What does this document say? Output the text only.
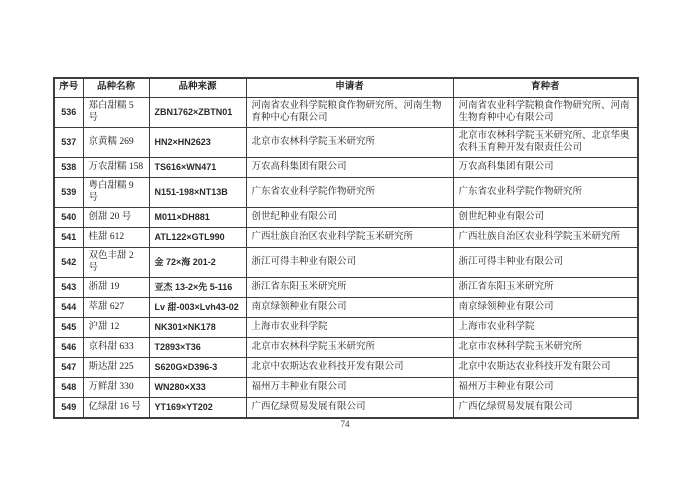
序号	品种名称	品种来源	申请者	育种者
536	郑白甜糯 5 号	ZBN1762×ZBTN01	河南省农业科学院粮食作物研究所、河南生物育种中心有限公司	河南省农业科学院粮食作物研究所、河南生物育种中心有限公司
537	京黄糯 269	HN2×HN2623	北京市农林科学院玉米研究所	北京市农林科学院玉米研究所、北京华奥农科玉育种开发有限责任公司
538	万农甜糯 158	TS616×WN471	万农高科集团有限公司	万农高科集团有限公司
539	粤白甜糯 9 号	N151-198×NT13B	广东省农业科学院作物研究所	广东省农业科学院作物研究所
540	创甜 20 号	M011×DH881	创世纪种业有限公司	创世纪种业有限公司
541	桂甜 612	ATL122×GTL990	广西壮族自治区农业科学院玉米研究所	广西壮族自治区农业科学院玉米研究所
542	双色丰甜 2 号	金 72×海 201-2	浙江可得丰种业有限公司	浙江可得丰种业有限公司
543	浙甜 19	亚杰 13-2×先 5-116	浙江省东阳玉米研究所	浙江省东阳玉米研究所
544	萃甜 627	Lv 甜-003×Lvh43-02	南京绿领种业有限公司	南京绿领种业有限公司
545	沪甜 12	NK301×NK178	上海市农业科学院	上海市农业科学院
546	京科甜 633	T2893×T36	北京市农林科学院玉米研究所	北京市农林科学院玉米研究所
547	斯达甜 225	S620G×D396-3	北京中农斯达农业科技开发有限公司	北京中农斯达农业科技开发有限公司
548	万鲜甜 330	WN280×X33	福州万丰种业有限公司	福州万丰种业有限公司
549	亿绿甜 16 号	YT169×YT202	广西亿绿贸易发展有限公司	广西亿绿贸易发展有限公司
74
